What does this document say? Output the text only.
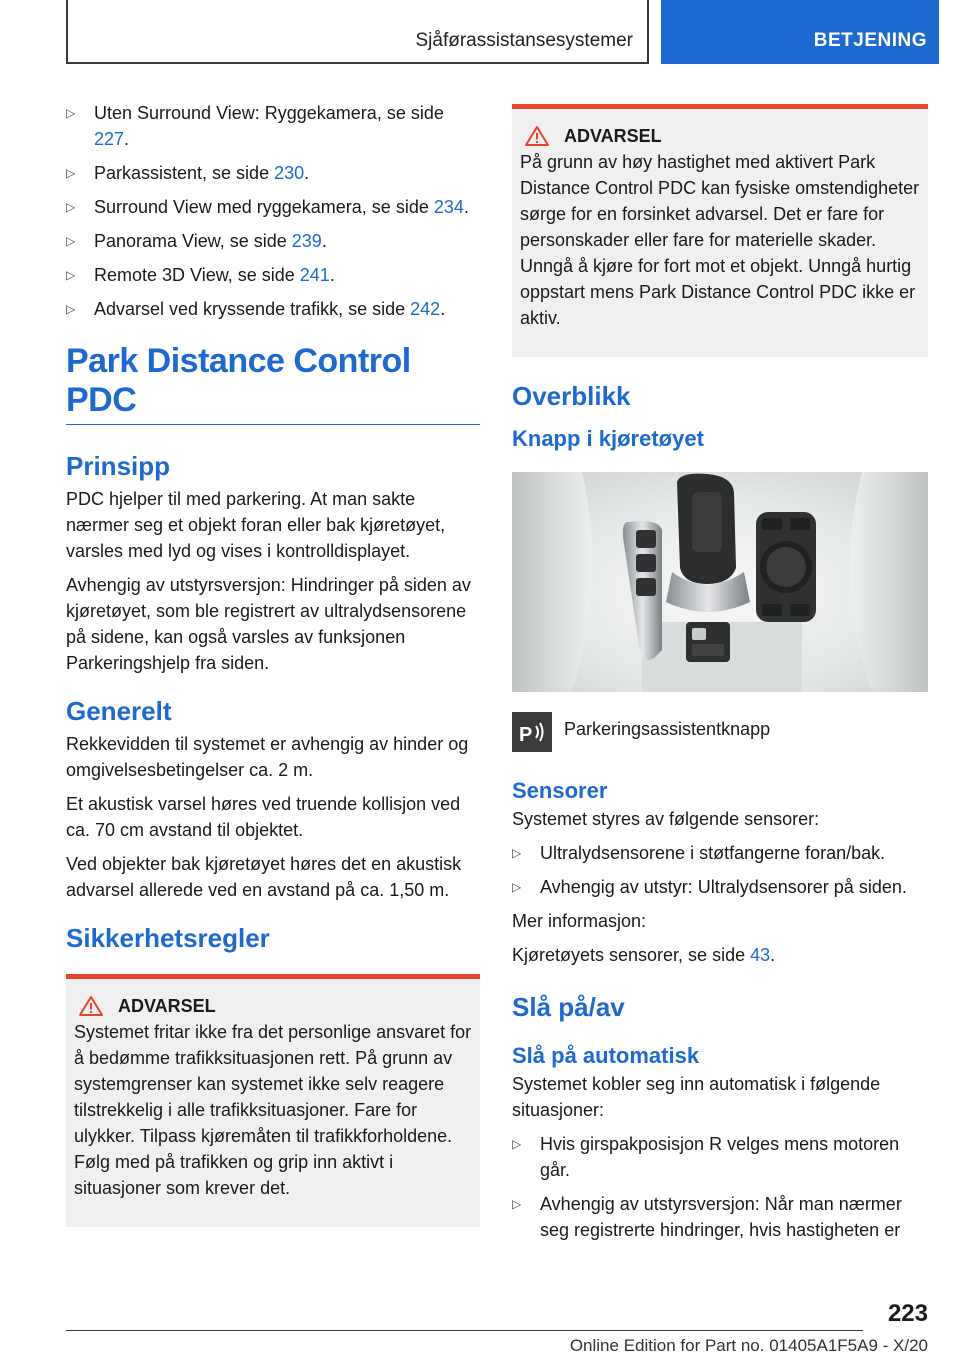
Sjåførassistansesystemer	BETJENING
▷ Uten Surround View: Ryggekamera, se side 227.
▷ Parkassistent, se side 230.
▷ Surround View med ryggekamera, se side 234.
▷ Panorama View, se side 239.
▷ Remote 3D View, se side 241.
▷ Advarsel ved kryssende trafikk, se side 242.
Park Distance Control PDC
Prinsipp

PDC hjelper til med parkering. At man sakte nærmer seg et objekt foran eller bak kjøretøyet, varsles med lyd og vises i kontrolldisplayet.

Avhengig av utstyrsversjon: Hindringer på siden av kjøretøyet, som ble registrert av ultralydsensorene på sidene, kan også varsles av funksjonen Parkeringshjelp fra siden.

Generelt

Rekkevidden til systemet er avhengig av hinder og omgivelsesbetingelser ca. 2 m.

Et akustisk varsel høres ved truende kollisjon ved ca. 70 cm avstand til objektet.

Ved objekter bak kjøretøyet høres det en akustisk advarsel allerede ved en avstand på ca. 1,50 m.

Sikkerhetsregler
ADVARSEL

Systemet fritar ikke fra det personlige ansvaret for å bedømme trafikksituasjonen rett. På grunn av systemgrenser kan systemet ikke selv reagere tilstrekkelig i alle trafikksituasjoner. Fare for ulykker. Tilpass kjøremåten til trafikkforholdene. Følg med på trafikken og grip inn aktivt i situasjoner som krever det.

ADVARSEL

På grunn av høy hastighet med aktivert Park Distance Control PDC kan fysiske omstendigheter sørge for en forsinket advarsel. Det er fare for personskader eller fare for materielle skader. Unngå å kjøre for fort mot et objekt. Unngå hurtig oppstart mens Park Distance Control PDC ikke er aktiv.

Overblikk
Knapp i kjøretøyet
P Parkeringsassistentknapp
Sensorer

Systemet styres av følgende sensorer:

▷ Ultralydsensorene i støtfangerne foran/bak.
▷ Avhengig av utstyr: Ultralydsensorer på siden.

Mer informasjon:

Kjøretøyets sensorer, se side 43.

Slå på/av
Slå på automatisk

Systemet kobler seg inn automatisk i følgende situasjoner:

▷ Hvis girspakposisjon R velges mens motoren går.
▷ Avhengig av utstyrsversjon: Når man nærmer seg registrerte hindringer, hvis hastigheten er
223
Online Edition for Part no. 01405A1F5A9 - X/20
